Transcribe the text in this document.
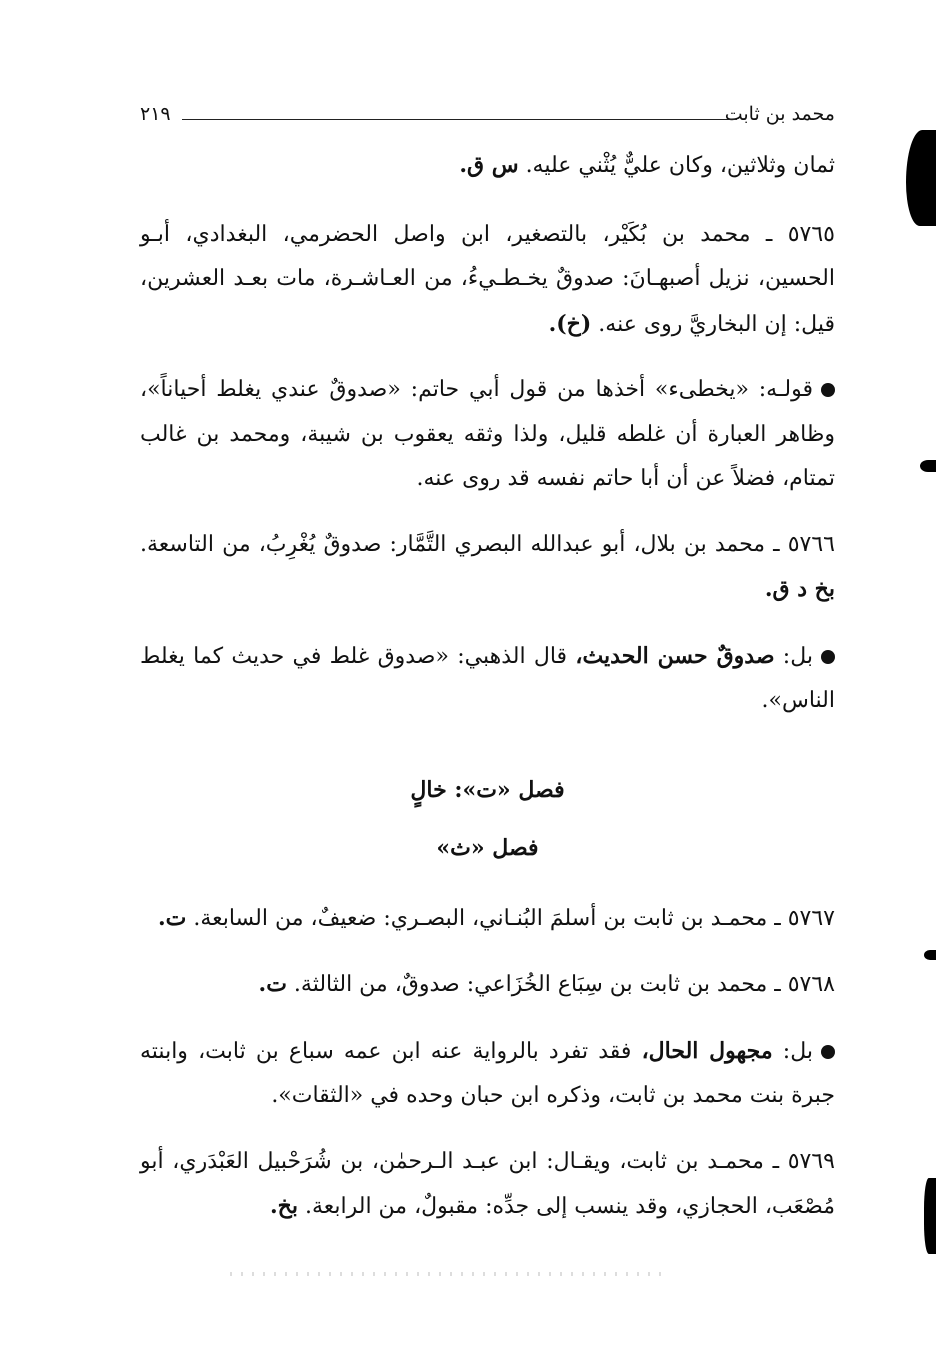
محمد بن ثابت
٢١٩

ثمان وثلاثين، وكان عليٌّ يُثْني عليه. س ق.

٥٧٦٥ ـ محمد بن بُكَيْر، بالتصغير، ابن واصل الحضرمي، البغدادي، أبـو الحسين، نزيل أصبهـانَ: صدوقٌ يخـطـيءُ، من العـاشـرة، مات بعـد العشرين، قيل: إن البخاريَّ روى عنه. (خ).

قولـه: «يخطىء» أخذها من قول أبي حاتم: «صدوقٌ عندي يغلط أحياناً»، وظاهر العبارة أن غلطه قليل، ولذا وثقه يعقوب بن شيبة، ومحمد بن غالب تمتام، فضلاً عن أن أبا حاتم نفسه قد روى عنه.

٥٧٦٦ ـ محمد بن بلال، أبو عبدالله البصري التَّمَّار: صدوقٌ يُغْرِبُ، من التاسعة. بخ د ق.

بل: صدوقٌ حسن الحديث، قال الذهبي: «صدوق غلط في حديث كما يغلط الناس».

فصل «ت»: خالٍ

فصل «ث»

٥٧٦٧ ـ محمـد بن ثابت بن أسلمَ البُنـاني، البصـري: ضعيفٌ، من السابعة. ت.

٥٧٦٨ ـ محمد بن ثابت بن سِبَاع الخُزَاعي: صدوقٌ، من الثالثة. ت.

بل: مجهول الحال، فقد تفرد بالرواية عنه ابن عمه سباع بن ثابت، وابنته جبرة بنت محمد بن ثابت، وذكره ابن حبان وحده في «الثقات».

٥٧٦٩ ـ محمـد بن ثابت، ويقـال: ابن عبـد الـرحمٰن، بن شُرَحْبيل العَبْدَري، أبو مُصْعَب، الحجازي، وقد ينسب إلى جدِّه: مقبولٌ، من الرابعة. بخ.
